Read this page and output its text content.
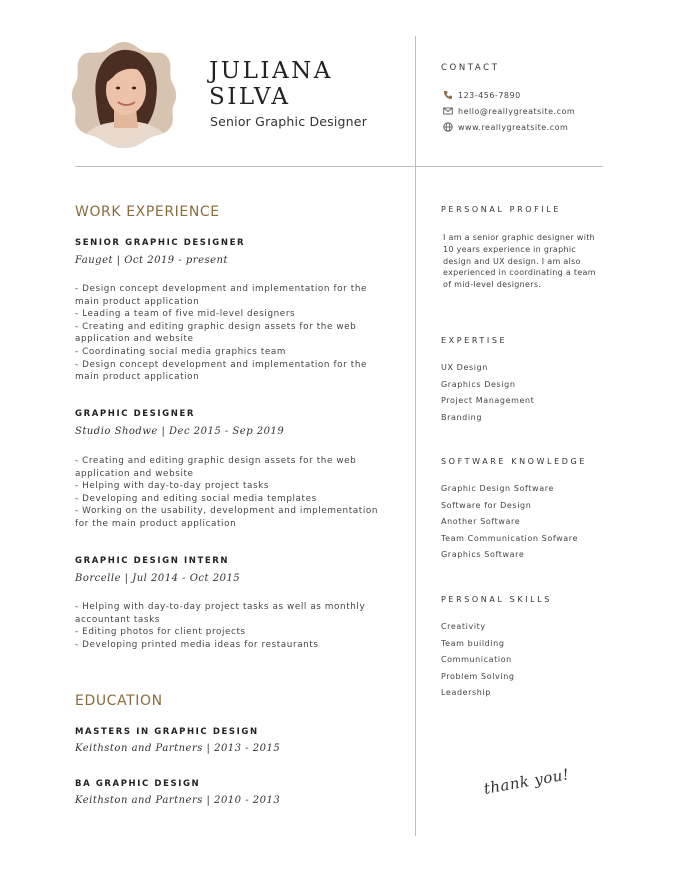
JULIANA
SILVA
Senior Graphic Designer
CONTACT
123-456-7890
hello@reallygreatsite.com
www.reallygreatsite.com
WORK EXPERIENCE
SENIOR GRAPHIC DESIGNER
Fauget | Oct 2019 - present
- Design concept development and implementation for the
main product application
- Leading a team of five mid-level designers
- Creating and editing graphic design assets for the web
application and website
- Coordinating social media graphics team
- Design concept development and implementation for the
main product application
GRAPHIC DESIGNER
Studio Shodwe | Dec 2015 - Sep 2019
- Creating and editing graphic design assets for the web
application and website
- Helping with day-to-day project tasks
- Developing and editing social media templates
- Working on the usability, development and implementation
for the main product application
GRAPHIC DESIGN INTERN
Borcelle | Jul 2014 - Oct 2015
- Helping with day-to-day project tasks as well as monthly
accountant tasks
- Editing photos for client projects
- Developing printed media ideas for restaurants
EDUCATION
MASTERS IN GRAPHIC DESIGN
Keithston and Partners | 2013 - 2015
BA GRAPHIC DESIGN
Keithston and Partners | 2010 - 2013
PERSONAL PROFILE
I am a senior graphic designer with 10 years experience in graphic design and UX design. I am also experienced in coordinating a team of mid-level designers.
EXPERTISE
UX Design
Graphics Design
Project Management
Branding
SOFTWARE KNOWLEDGE
Graphic Design Software
Software for Design
Another Software
Team Communication Sofware
Graphics Software
PERSONAL SKILLS
Creativity
Team building
Communication
Problem Solving
Leadership
thank you!
